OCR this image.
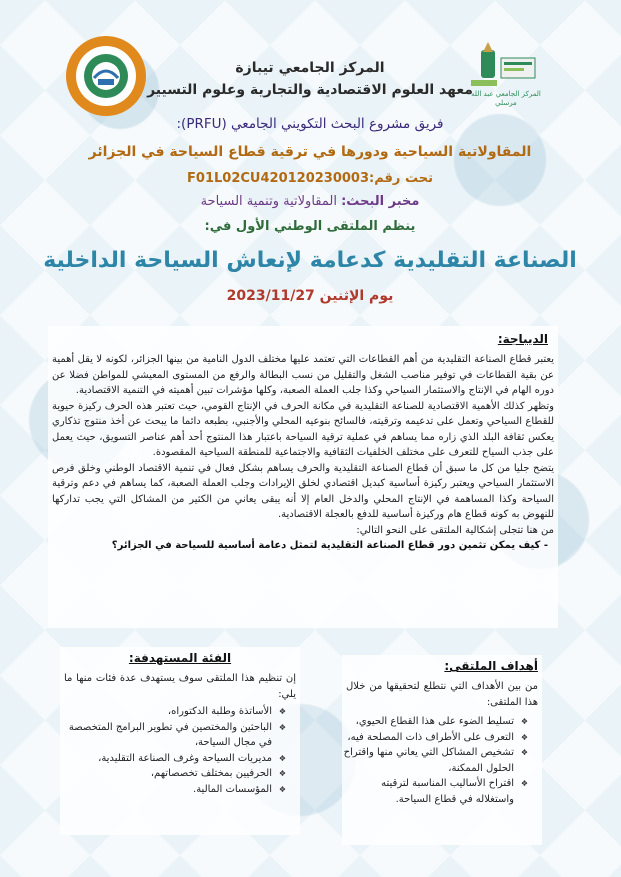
المركز الجامعي عبد الله مرسلي
المركز الجامعي تيبازة
معهد العلوم الاقتصادية والتجارية وعلوم التسيير
فريق مشروع البحث التكويني الجامعي (PRFU):
المقاولاتية السياحية ودورها في ترقية قطاع السياحة في الجزائر
تحت رقم:F01L02CU420120230003
مخبر البحث: المقاولاتية وتنمية السياحة
ينظم الملتقى الوطني الأول في:
الصناعة التقليدية كدعامة لإنعاش السياحة الداخلية
يوم الإثنين 2023/11/27
الديباجة:
يعتبر قطاع الصناعة التقليدية من أهم القطاعات التي تعتمد عليها مختلف الدول النامية من بينها الجزائر، لكونه لا يقل أهمية عن بقية القطاعات في توفير مناصب الشغل والتقليل من نسب البطالة والرفع من المستوى المعيشي للمواطن فضلا عن دوره الهام في الإنتاج والاستثمار السياحي وكذا جلب العملة الصعبة، وكلها مؤشرات تبين أهميته في التنمية الاقتصادية.
وتظهر كذلك الأهمية الاقتصادية للصناعة التقليدية في مكانة الحرف في الإنتاج القومي، حيث تعتبر هذه الحرف ركيزة حيوية للقطاع السياحي وتعمل على تدعيمه وترقيته، فالسائح بنوعيه المحلي والأجنبي، بطبعه دائما ما يبحث عن أخذ منتوج تذكاري يعكس ثقافة البلد الذي زاره مما يساهم في عملية ترقية السياحة باعتبار هذا المنتوج أحد أهم عناصر التسويق، حيث يعمل على جذب السياح للتعرف على مختلف الخلفيات الثقافية والاجتماعية للمنطقة السياحية المقصودة.
يتضح جليا من كل ما سبق أن قطاع الصناعة التقليدية والحرف يساهم بشكل فعال في تنمية الاقتصاد الوطني وخلق فرص الاستثمار السياحي ويعتبر ركيزة أساسية كبديل اقتصادي لخلق الإيرادات وجلب العملة الصعبة، كما يساهم في دعم وترقية السياحة وكذا المساهمة في الإنتاج المحلي والدخل العام إلا أنه يبقى يعاني من الكثير من المشاكل التي يجب تداركها للنهوض به كونه قطاع هام وركيزة أساسية للدفع بالعجلة الاقتصادية.
من هنا تتجلى إشكالية الملتقى على النحو التالي:
- كيف يمكن تثمين دور قطاع الصناعة التقليدية لتمثل دعامة أساسية للسياحة في الجزائر؟
الفئة المستهدفة:
إن تنظيم هذا الملتقى سوف يستهدف عدة فئات منها ما يلي:
❖ الأساتذة وطلبة الدكتوراه،
❖ الباحثين والمختصين في تطوير البرامج المتخصصة في مجال السياحة،
❖ مديريات السياحة وغرف الصناعة التقليدية،
❖ الحرفيين بمختلف تخصصاتهم،
❖ المؤسسات المالية.
أهداف الملتقى:
من بين الأهداف التي نتطلع لتحقيقها من خلال هذا الملتقى:
❖ تسليط الضوء على هذا القطاع الحيوي،
❖ التعرف على الأطراف ذات المصلحة فيه،
❖ تشخيص المشاكل التي يعاني منها واقتراح الحلول الممكنة،
❖ اقتراح الأساليب المناسبة لترقيته واستغلاله في قطاع السياحة.
